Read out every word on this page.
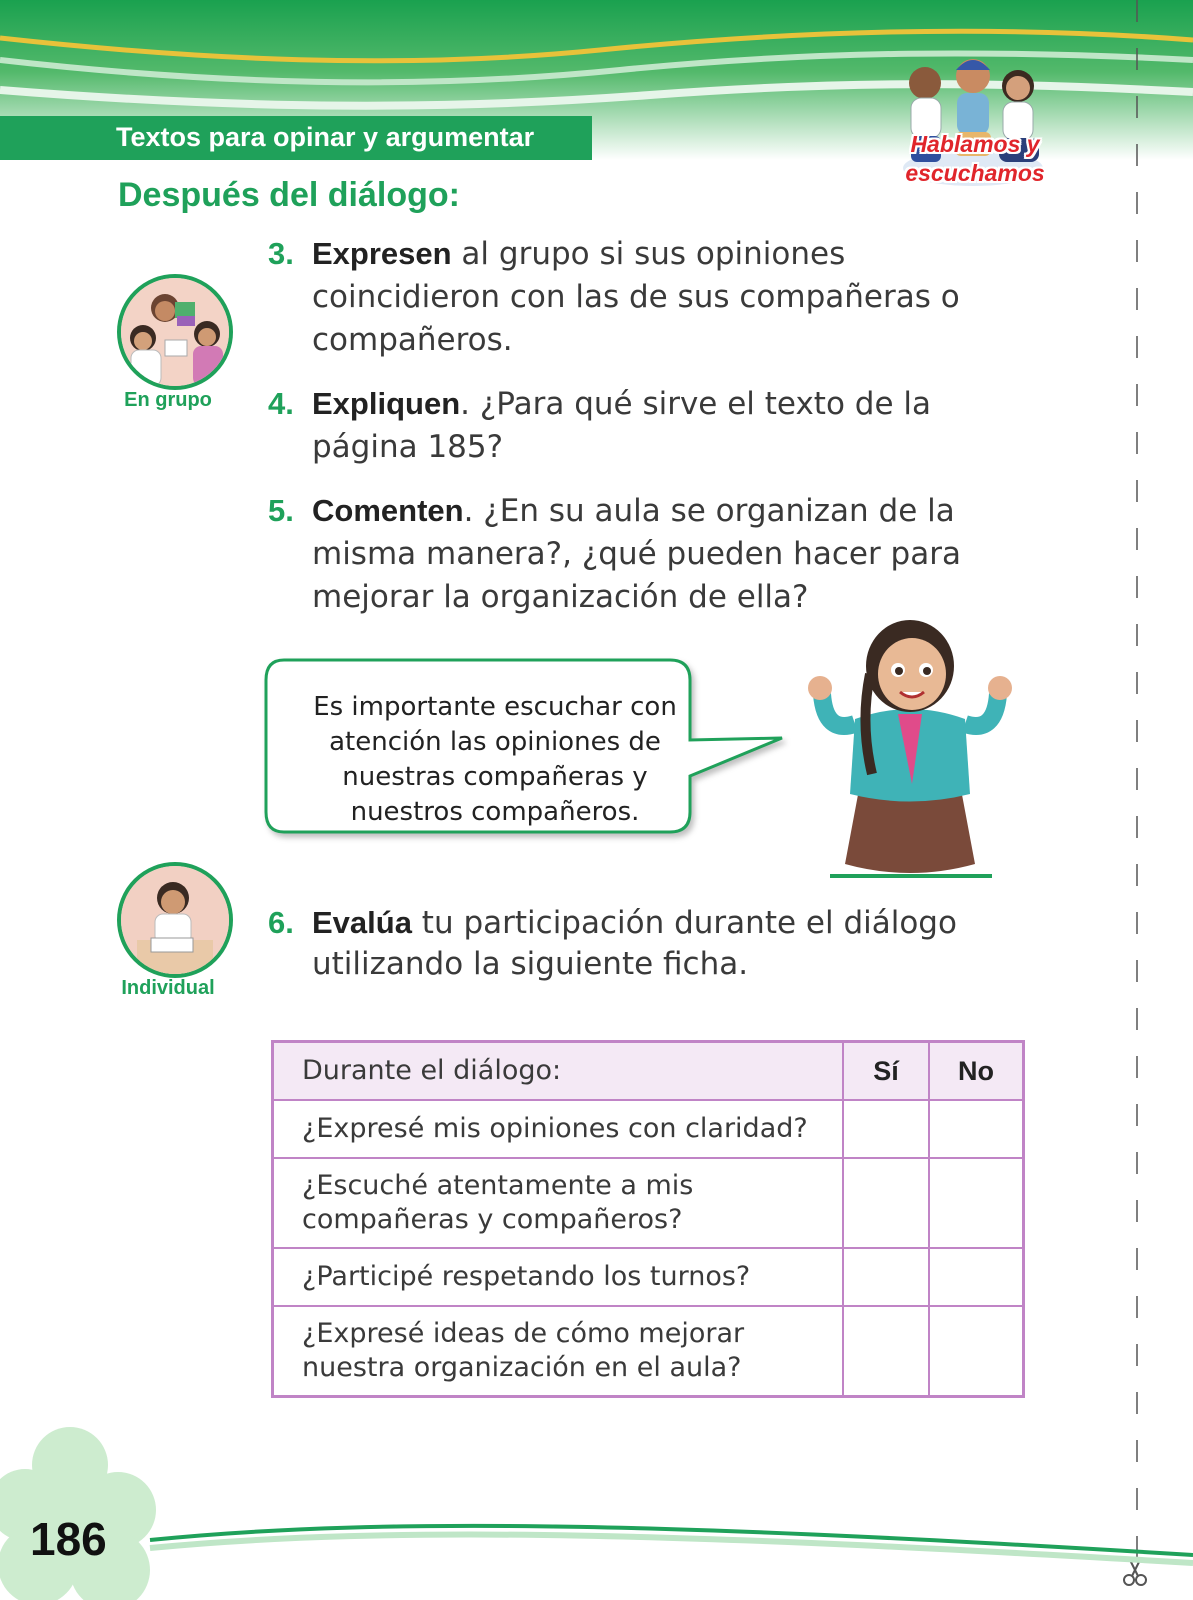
Textos para opinar y argumentar	Hablamos y
escuchamos
Después del diálogo:
En grupo
3. Expresen al grupo si sus opiniones coincidieron con las de sus compañeras o compañeros.
4. Expliquen. ¿Para qué sirve el texto de la página 185?
5. Comenten. ¿En su aula se organizan de la misma manera?, ¿qué pueden hacer para mejorar la organización de ella?
Es importante escuchar con atención las opiniones de nuestras compañeras y nuestros compañeros.
Individual
6. Evalúa tu participación durante el diálogo utilizando la siguiente ficha.
Durante el diálogo:	Sí	No
¿Expresé mis opiniones con claridad?		
¿Escuché atentamente a mis compañeras y compañeros?		
¿Participé respetando los turnos?		
¿Expresé ideas de cómo mejorar nuestra organización en el aula?		
186
